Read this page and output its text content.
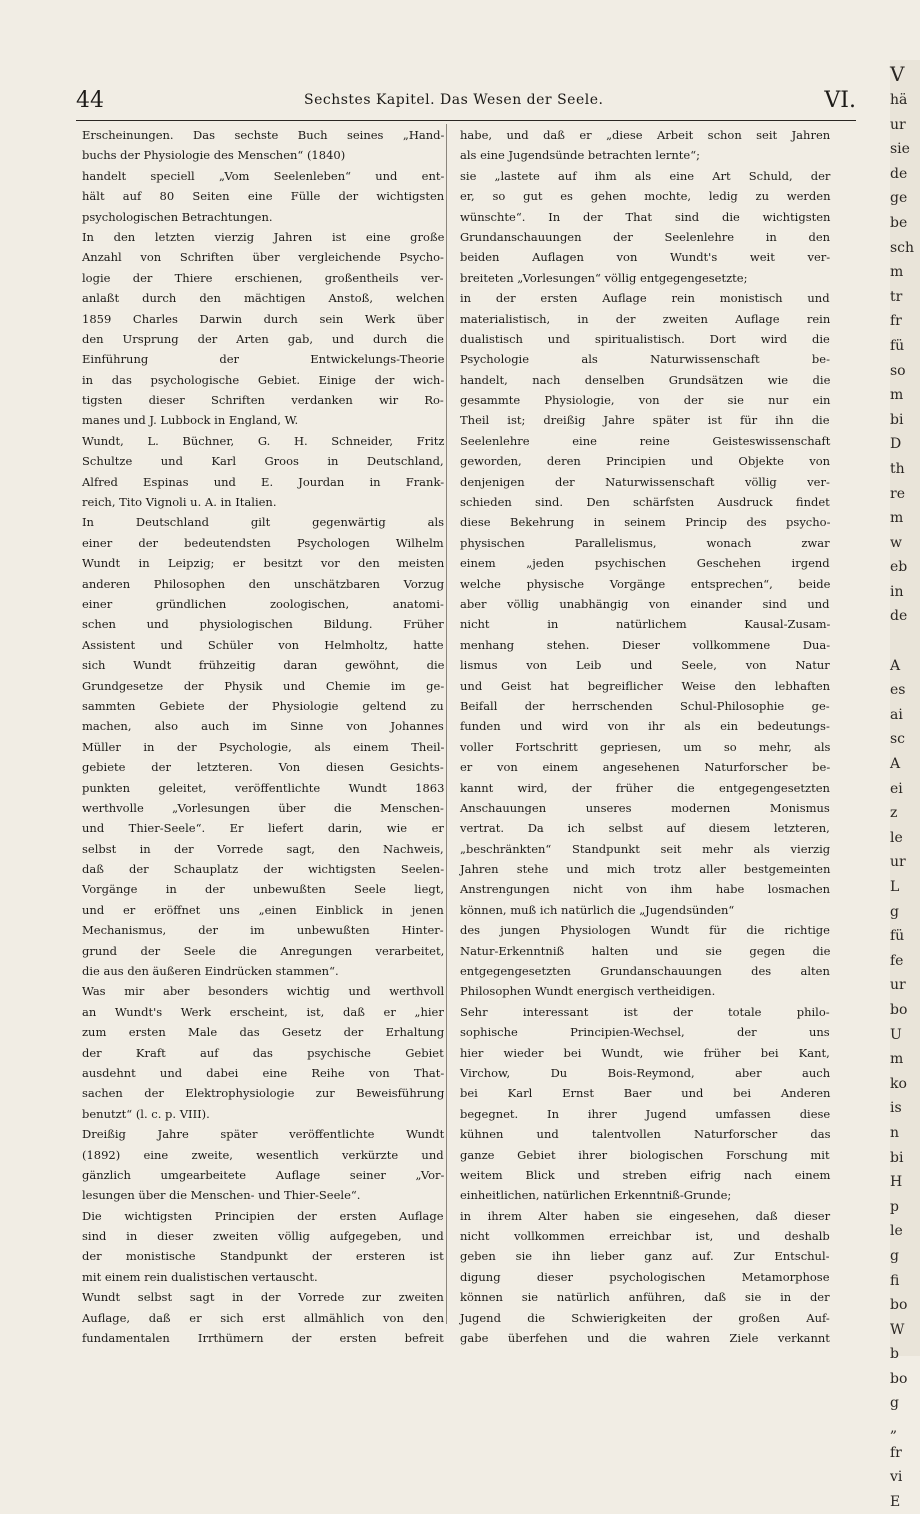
44	Sechstes Kapitel. Das Wesen der Seele.	VI.
Erscheinungen. Das sechste Buch seines „Hand-
buchs der Physiologie des Menschen“ (1840)
handelt speciell „Vom Seelenleben“ und ent-
hält auf 80 Seiten eine Fülle der wichtigsten
psychologischen Betrachtungen.
In den letzten vierzig Jahren ist eine große
Anzahl von Schriften über vergleichende Psycho-
logie der Thiere erschienen, großentheils ver-
anlaßt durch den mächtigen Anstoß, welchen
1859 Charles Darwin durch sein Werk über
den Ursprung der Arten gab, und durch die
Einführung der Entwickelungs-Theorie
in das psychologische Gebiet. Einige der wich-
tigsten dieser Schriften verdanken wir Ro-
manes und J. Lubbock in England, W.
Wundt, L. Büchner, G. H. Schneider, Fritz
Schultze und Karl Groos in Deutschland,
Alfred Espinas und E. Jourdan in Frank-
reich, Tito Vignoli u. A. in Italien.
In Deutschland gilt gegenwärtig als
einer der bedeutendsten Psychologen Wilhelm
Wundt in Leipzig; er besitzt vor den meisten
anderen Philosophen den unschätzbaren Vorzug
einer gründlichen zoologischen, anatomi-
schen und physiologischen Bildung. Früher
Assistent und Schüler von Helmholtz, hatte
sich Wundt frühzeitig daran gewöhnt, die
Grundgesetze der Physik und Chemie im ge-
sammten Gebiete der Physiologie geltend zu
machen, also auch im Sinne von Johannes
Müller in der Psychologie, als einem Theil-
gebiete der letzteren. Von diesen Gesichts-
punkten geleitet, veröffentlichte Wundt 1863
werthvolle „Vorlesungen über die Menschen-
und Thier-Seele“. Er liefert darin, wie er
selbst in der Vorrede sagt, den Nachweis,
daß der Schauplatz der wichtigsten Seelen-
Vorgänge in der unbewußten Seele liegt,
und er eröffnet uns „einen Einblick in jenen
Mechanismus, der im unbewußten Hinter-
grund der Seele die Anregungen verarbeitet,
die aus den äußeren Eindrücken stammen“.
Was mir aber besonders wichtig und werthvoll
an Wundt's Werk erscheint, ist, daß er „hier
zum ersten Male das Gesetz der Erhaltung
der Kraft auf das psychische Gebiet
ausdehnt und dabei eine Reihe von That-
sachen der Elektrophysiologie zur Beweisführung
benutzt“ (l. c. p. VIII).
Dreißig Jahre später veröffentlichte Wundt
(1892) eine zweite, wesentlich verkürzte und
gänzlich umgearbeitete Auflage seiner „Vor-
lesungen über die Menschen- und Thier-Seele“.
Die wichtigsten Principien der ersten Auflage
sind in dieser zweiten völlig aufgegeben, und
der monistische Standpunkt der ersteren ist
mit einem rein dualistischen vertauscht.
Wundt selbst sagt in der Vorrede zur zweiten
Auflage, daß er sich erst allmählich von den
fundamentalen Irrthümern der ersten befreit
habe, und daß er „diese Arbeit schon seit Jahren
als eine Jugendsünde betrachten lernte“;
sie „lastete auf ihm als eine Art Schuld, der
er, so gut es gehen mochte, ledig zu werden
wünschte“. In der That sind die wichtigsten
Grundanschauungen der Seelenlehre in den
beiden Auflagen von Wundt's weit ver-
breiteten „Vorlesungen“ völlig entgegengesetzte;
in der ersten Auflage rein monistisch und
materialistisch, in der zweiten Auflage rein
dualistisch und spiritualistisch. Dort wird die
Psychologie als Naturwissenschaft be-
handelt, nach denselben Grundsätzen wie die
gesammte Physiologie, von der sie nur ein
Theil ist; dreißig Jahre später ist für ihn die
Seelenlehre eine reine Geisteswissenschaft
geworden, deren Principien und Objekte von
denjenigen der Naturwissenschaft völlig ver-
schieden sind. Den schärfsten Ausdruck findet
diese Bekehrung in seinem Princip des psycho-
physischen Parallelismus, wonach zwar
einem „jeden psychischen Geschehen irgend
welche physische Vorgänge entsprechen“, beide
aber völlig unabhängig von einander sind und
nicht in natürlichem Kausal-Zusam-
menhang stehen. Dieser vollkommene Dua-
lismus von Leib und Seele, von Natur
und Geist hat begreiflicher Weise den lebhaften
Beifall der herrschenden Schul-Philosophie ge-
funden und wird von ihr als ein bedeutungs-
voller Fortschritt gepriesen, um so mehr, als
er von einem angesehenen Naturforscher be-
kannt wird, der früher die entgegengesetzten
Anschauungen unseres modernen Monismus
vertrat. Da ich selbst auf diesem letzteren,
„beschränkten“ Standpunkt seit mehr als vierzig
Jahren stehe und mich trotz aller bestgemeinten
Anstrengungen nicht von ihm habe losmachen
können, muß ich natürlich die „Jugendsünden“
des jungen Physiologen Wundt für die richtige
Natur-Erkenntniß halten und sie gegen die
entgegengesetzten Grundanschauungen des alten
Philosophen Wundt energisch vertheidigen.
Sehr interessant ist der totale philo-
sophische Principien-Wechsel, der uns
hier wieder bei Wundt, wie früher bei Kant,
Virchow, Du Bois-Reymond, aber auch
bei Karl Ernst Baer und bei Anderen
begegnet. In ihrer Jugend umfassen diese
kühnen und talentvollen Naturforscher das
ganze Gebiet ihrer biologischen Forschung mit
weitem Blick und streben eifrig nach einem
einheitlichen, natürlichen Erkenntniß-Grunde;
in ihrem Alter haben sie eingesehen, daß dieser
nicht vollkommen erreichbar ist, und deshalb
geben sie ihn lieber ganz auf. Zur Entschul-
digung dieser psychologischen Metamorphose
können sie natürlich anführen, daß sie in der
Jugend die Schwierigkeiten der großen Auf-
gabe überfehen und die wahren Ziele verkannt
V
hä
ur
sie
de
ge
be
sch
m
tr
fr
fü
so
m
bi
D
th
re
m
w
eb
in
de

A
es
ai
sc
A
ei
z
le
ur
L
g
fü
fe
ur
bo
U
m
ko
is
n
bi
H
p
le
g
fi
bo
W
b
bo
g
„
fr
vi
E
